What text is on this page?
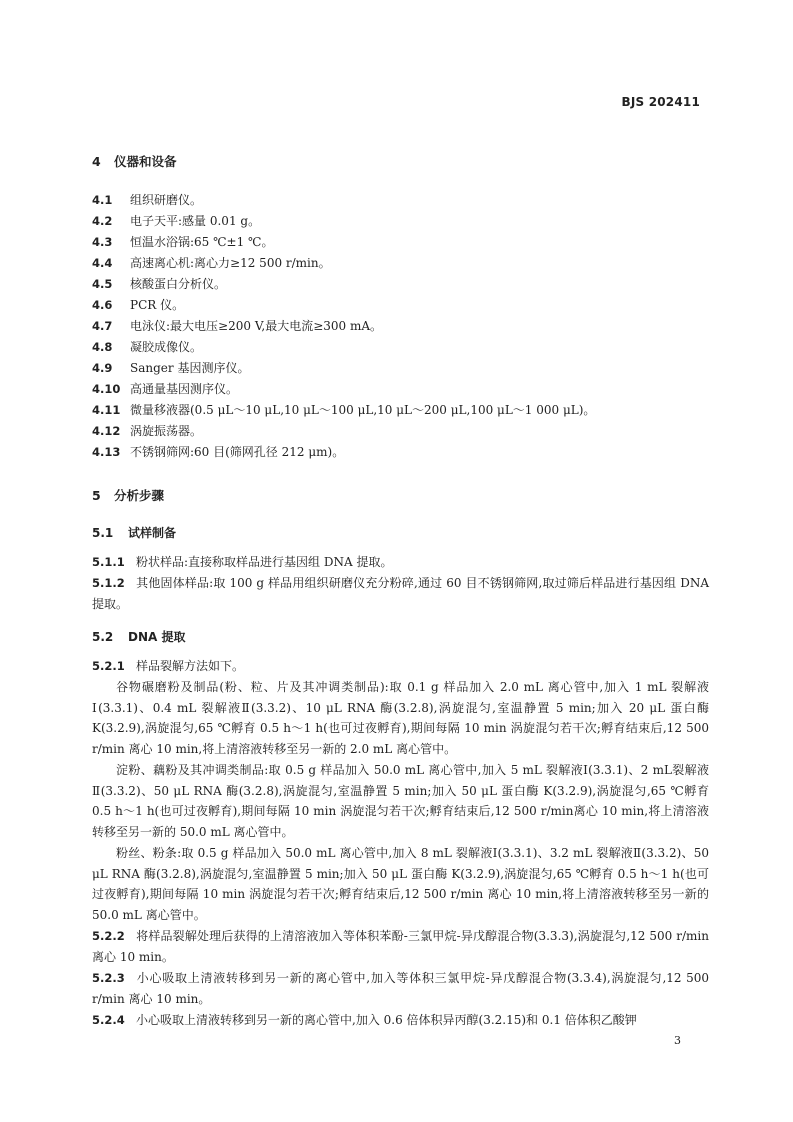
BJS 202411
4 仪器和设备
4.1 组织研磨仪。
4.2 电子天平:感量 0.01 g。
4.3 恒温水浴锅:65 ℃±1 ℃。
4.4 高速离心机:离心力≥12 500 r/min。
4.5 核酸蛋白分析仪。
4.6 PCR 仪。
4.7 电泳仪:最大电压≥200 V,最大电流≥300 mA。
4.8 凝胶成像仪。
4.9 Sanger 基因测序仪。
4.10 高通量基因测序仪。
4.11 微量移液器(0.5 μL～10 μL,10 μL～100 μL,10 μL～200 μL,100 μL～1 000 μL)。
4.12 涡旋振荡器。
4.13 不锈钢筛网:60 目(筛网孔径 212 μm)。
5 分析步骤
5.1 试样制备
5.1.1 粉状样品:直接称取样品进行基因组 DNA 提取。
5.1.2 其他固体样品:取 100 g 样品用组织研磨仪充分粉碎,通过 60 目不锈钢筛网,取过筛后样品进行基因组 DNA 提取。
5.2 DNA 提取
5.2.1 样品裂解方法如下。
谷物碾磨粉及制品(粉、粒、片及其冲调类制品):取 0.1 g 样品加入 2.0 mL 离心管中,加入 1 mL 裂解液Ⅰ(3.3.1)、0.4 mL 裂解液Ⅱ(3.3.2)、10 μL RNA 酶(3.2.8),涡旋混匀,室温静置 5 min;加入 20 μL 蛋白酶 K(3.2.9),涡旋混匀,65 ℃孵育 0.5 h～1 h(也可过夜孵育),期间每隔 10 min 涡旋混匀若干次;孵育结束后,12 500 r/min 离心 10 min,将上清溶液转移至另一新的 2.0 mL 离心管中。
淀粉、藕粉及其冲调类制品:取 0.5 g 样品加入 50.0 mL 离心管中,加入 5 mL 裂解液Ⅰ(3.3.1)、2 mL裂解液Ⅱ(3.3.2)、50 μL RNA 酶(3.2.8),涡旋混匀,室温静置 5 min;加入 50 μL 蛋白酶 K(3.2.9),涡旋混匀,65 ℃孵育 0.5 h～1 h(也可过夜孵育),期间每隔 10 min 涡旋混匀若干次;孵育结束后,12 500 r/min离心 10 min,将上清溶液转移至另一新的 50.0 mL 离心管中。
粉丝、粉条:取 0.5 g 样品加入 50.0 mL 离心管中,加入 8 mL 裂解液Ⅰ(3.3.1)、3.2 mL 裂解液Ⅱ(3.3.2)、50 μL RNA 酶(3.2.8),涡旋混匀,室温静置 5 min;加入 50 μL 蛋白酶 K(3.2.9),涡旋混匀,65 ℃孵育 0.5 h～1 h(也可过夜孵育),期间每隔 10 min 涡旋混匀若干次;孵育结束后,12 500 r/min 离心 10 min,将上清溶液转移至另一新的 50.0 mL 离心管中。
5.2.2 将样品裂解处理后获得的上清溶液加入等体积苯酚-三氯甲烷-异戊醇混合物(3.3.3),涡旋混匀,12 500 r/min 离心 10 min。
5.2.3 小心吸取上清液转移到另一新的离心管中,加入等体积三氯甲烷-异戊醇混合物(3.3.4),涡旋混匀,12 500 r/min 离心 10 min。
5.2.4 小心吸取上清液转移到另一新的离心管中,加入 0.6 倍体积异丙醇(3.2.15)和 0.1 倍体积乙酸钾
3
